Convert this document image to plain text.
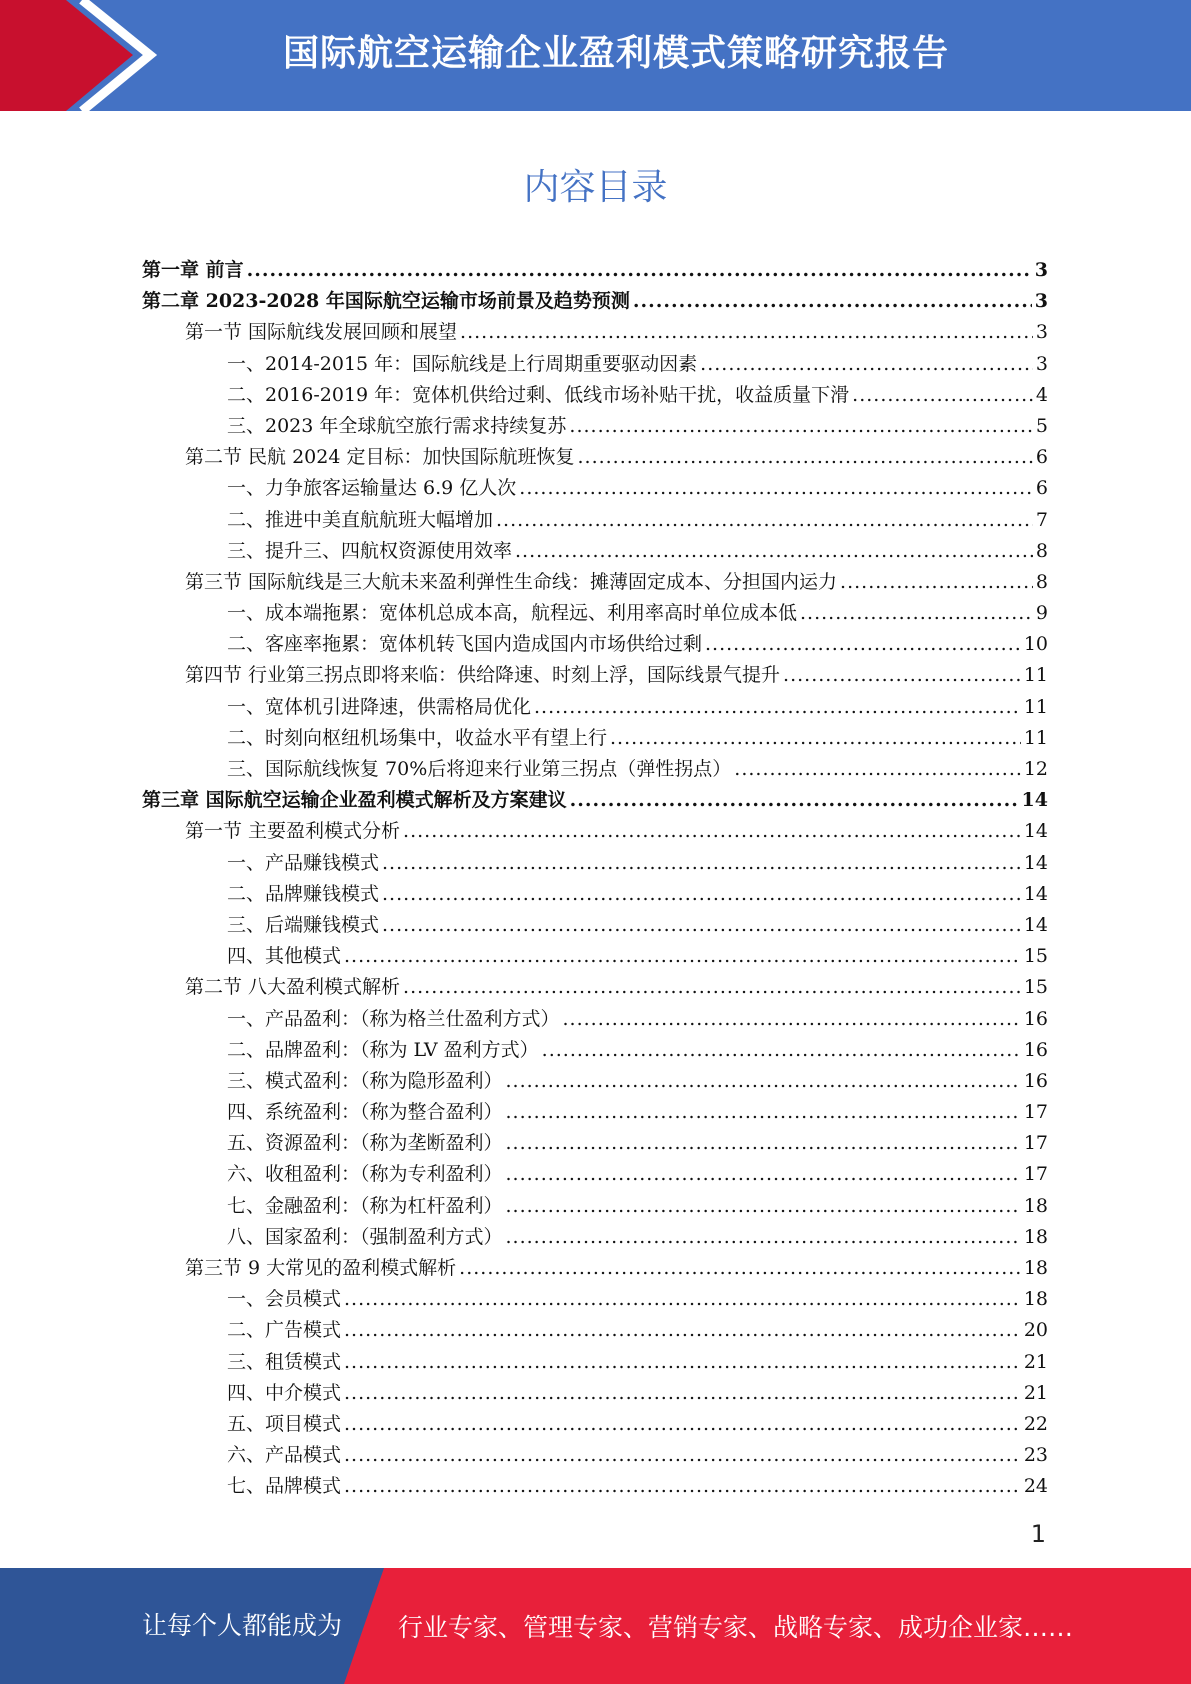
国际航空运输企业盈利模式策略研究报告
内容目录
第一章 前言 .....	3
第二章 2023-2028 年国际航空运输市场前景及趋势预测 .....	3
第一节 国际航线发展回顾和展望 .....	3
一、2014-2015 年：国际航线是上行周期重要驱动因素 .....	3
二、2016-2019 年：宽体机供给过剩、低线市场补贴干扰，收益质量下滑 .....	4
三、2023 年全球航空旅行需求持续复苏 .....	5
第二节 民航 2024 定目标：加快国际航班恢复 .....	6
一、力争旅客运输量达 6.9 亿人次 .....	6
二、推进中美直航航班大幅增加 .....	7
三、提升三、四航权资源使用效率 .....	8
第三节 国际航线是三大航未来盈利弹性生命线：摊薄固定成本、分担国内运力 .....	8
一、成本端拖累：宽体机总成本高，航程远、利用率高时单位成本低 .....	9
二、客座率拖累：宽体机转飞国内造成国内市场供给过剩 .....	10
第四节 行业第三拐点即将来临：供给降速、时刻上浮，国际线景气提升 .....	11
一、宽体机引进降速，供需格局优化 .....	11
二、时刻向枢纽机场集中，收益水平有望上行 .....	11
三、国际航线恢复 70%后将迎来行业第三拐点（弹性拐点） .....	12
第三章 国际航空运输企业盈利模式解析及方案建议 .....	14
第一节 主要盈利模式分析 .....	14
一、产品赚钱模式 .....	14
二、品牌赚钱模式 .....	14
三、后端赚钱模式 .....	14
四、其他模式 .....	15
第二节 八大盈利模式解析 .....	15
一、产品盈利：（称为格兰仕盈利方式） .....	16
二、品牌盈利：（称为 LV 盈利方式） .....	16
三、模式盈利：（称为隐形盈利） .....	16
四、系统盈利：（称为整合盈利） .....	17
五、资源盈利：（称为垄断盈利） .....	17
六、收租盈利：（称为专利盈利） .....	17
七、金融盈利：（称为杠杆盈利） .....	18
八、国家盈利：（强制盈利方式） .....	18
第三节 9 大常见的盈利模式解析 .....	18
一、会员模式 .....	18
二、广告模式 .....	20
三、租赁模式 .....	21
四、中介模式 .....	21
五、项目模式 .....	22
六、产品模式 .....	23
七、品牌模式 .....	24
1
让每个人都能成为 行业专家、管理专家、营销专家、战略专家、成功企业家……
